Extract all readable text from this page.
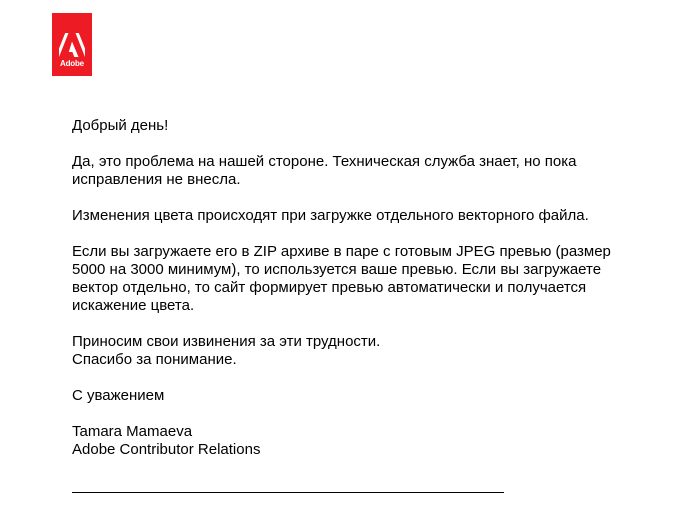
Adobe

Добрый день!

Да, это проблема на нашей стороне. Техническая служба знает, но пока
исправления не внесла.

Изменения цвета происходят при загружке отдельного векторного файла.

Если вы загружаете его в ZIP архиве в паре с готовым JPEG превью (размер
5000 на 3000 минимум), то используется ваше превью. Если вы загружаете
вектор отдельно, то сайт формирует превью автоматически и получается
искажение цвета.

Приносим свои извинения за эти трудности.
Спасибо за понимание.

С уважением

Tamara Mamaeva
Adobe Contributor Relations
